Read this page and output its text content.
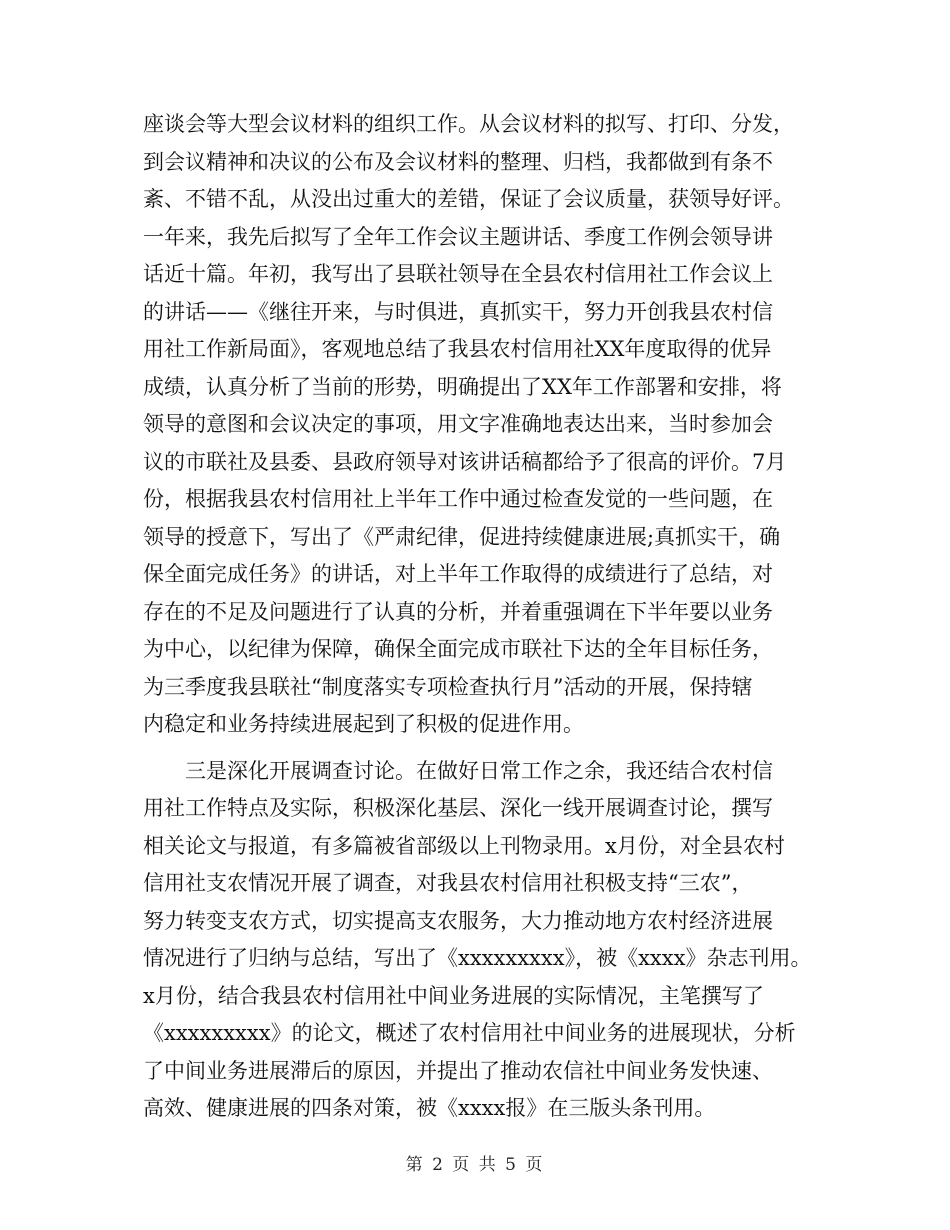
座谈会等大型会议材料的组织工作。从会议材料的拟写、打印、分发，
到会议精神和决议的公布及会议材料的整理、归档，我都做到有条不
紊、不错不乱，从没出过重大的差错，保证了会议质量，获领导好评。
一年来，我先后拟写了全年工作会议主题讲话、季度工作例会领导讲
话近十篇。年初，我写出了县联社领导在全县农村信用社工作会议上
的讲话——《继往开来，与时俱进，真抓实干，努力开创我县农村信
用社工作新局面》，客观地总结了我县农村信用社XX年度取得的优异
成绩，认真分析了当前的形势，明确提出了XX年工作部署和安排，将
领导的意图和会议决定的事项，用文字准确地表达出来，当时参加会
议的市联社及县委、县政府领导对该讲话稿都给予了很高的评价。7月
份，根据我县农村信用社上半年工作中通过检查发觉的一些问题，在
领导的授意下，写出了《严肃纪律，促进持续健康进展;真抓实干，确
保全面完成任务》的讲话，对上半年工作取得的成绩进行了总结，对
存在的不足及问题进行了认真的分析，并着重强调在下半年要以业务
为中心，以纪律为保障，确保全面完成市联社下达的全年目标任务，
为三季度我县联社“制度落实专项检查执行月”活动的开展，保持辖
内稳定和业务持续进展起到了积极的促进作用。
　　三是深化开展调查讨论。在做好日常工作之余，我还结合农村信
用社工作特点及实际，积极深化基层、深化一线开展调查讨论，撰写
相关论文与报道，有多篇被省部级以上刊物录用。x月份，对全县农村
信用社支农情况开展了调查，对我县农村信用社积极支持“三农”，
努力转变支农方式，切实提高支农服务，大力推动地方农村经济进展
情况进行了归纳与总结，写出了《xxxxxxxxx》，被《xxxx》杂志刊用。
x月份，结合我县农村信用社中间业务进展的实际情况，主笔撰写了
《xxxxxxxxx》的论文，概述了农村信用社中间业务的进展现状，分析
了中间业务进展滞后的原因，并提出了推动农信社中间业务发快速、
高效、健康进展的四条对策，被《xxxx报》在三版头条刊用。
第 2 页 共 5 页
